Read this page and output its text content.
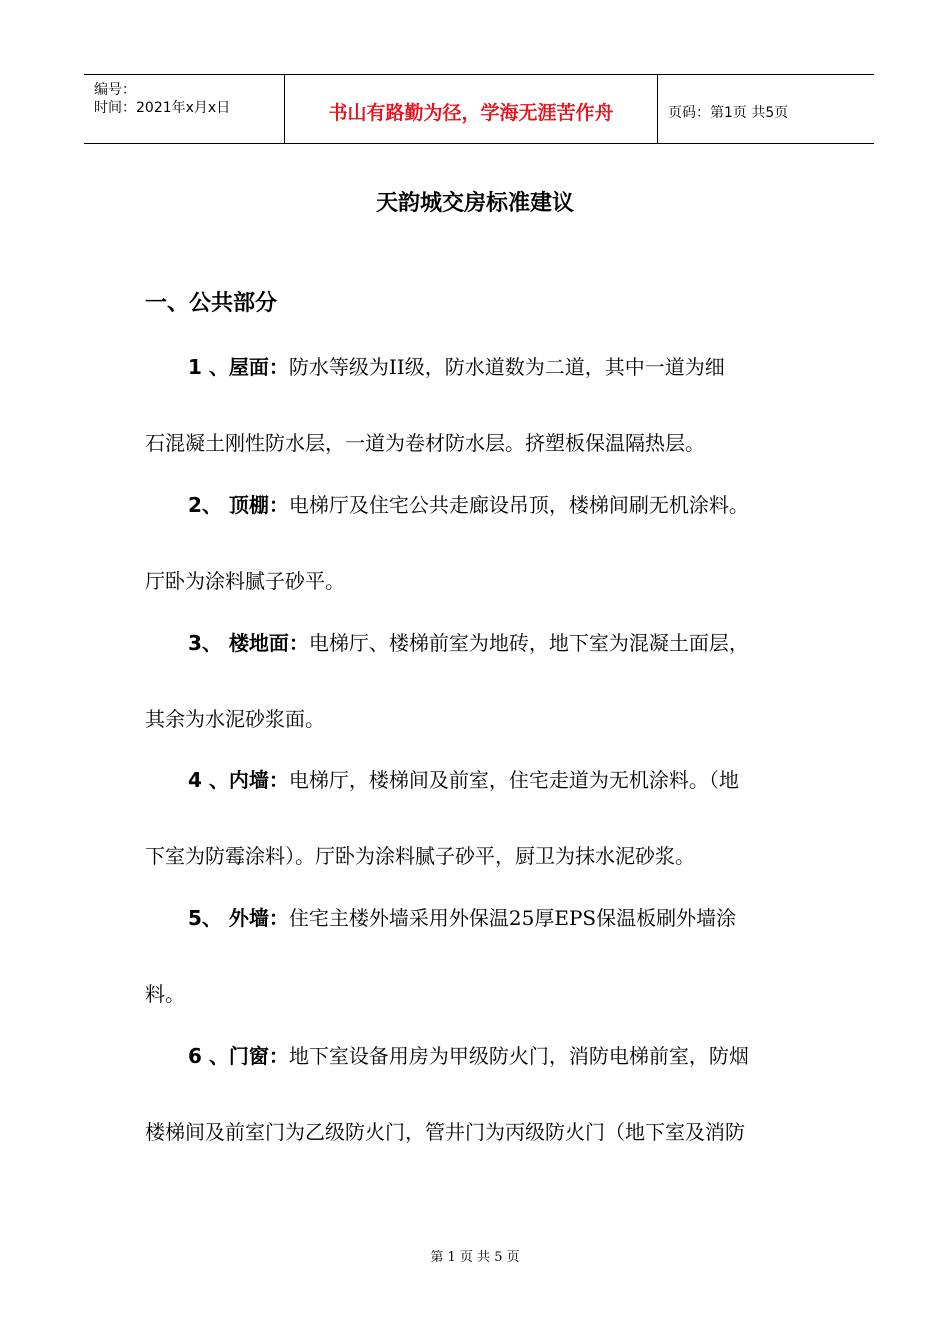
编号：
时间：2021年x月x日	书山有路勤为径，学海无涯苦作舟	页码：第1页 共5页
天韵城交房标准建议
一、公共部分
1 、屋面：防水等级为II级，防水道数为二道，其中一道为细
石混凝土刚性防水层，一道为卷材防水层。挤塑板保温隔热层。
2、 顶棚：电梯厅及住宅公共走廊设吊顶，楼梯间刷无机涂料。
厅卧为涂料腻子砂平。
3、 楼地面：电梯厅、楼梯前室为地砖，地下室为混凝土面层，
其余为水泥砂浆面。
4 、内墙：电梯厅，楼梯间及前室，住宅走道为无机涂料。（地
下室为防霉涂料）。厅卧为涂料腻子砂平，厨卫为抹水泥砂浆。
5、 外墙：住宅主楼外墙采用外保温25厚EPS保温板刷外墙涂
料。
6 、门窗：地下室设备用房为甲级防火门，消防电梯前室，防烟
楼梯间及前室门为乙级防火门，管井门为丙级防火门（地下室及消防
第 1 页 共 5 页
